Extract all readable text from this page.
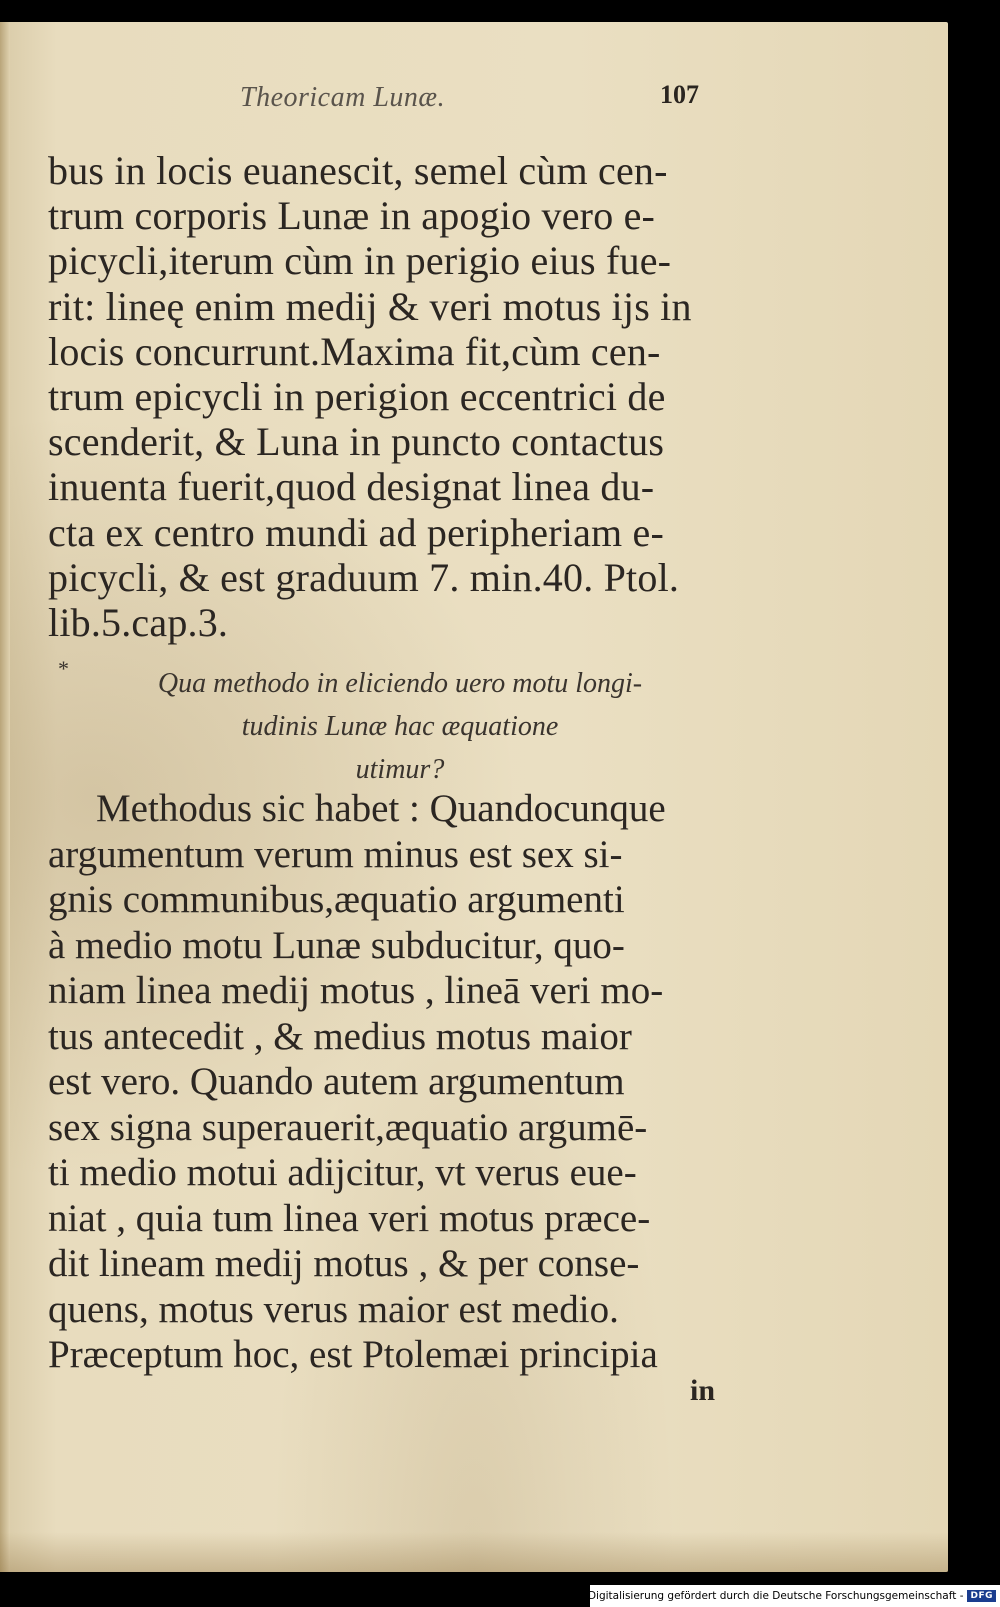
Theoricam Lunæ.	107
bus in locis euanescit, semel cùm cen-
trum corporis Lunæ in apogio vero e-
picycli,iterum cùm in perigio eius fue-
rit: lineę enim medij & veri motus ijs in
locis concurrunt.Maxima fit,cùm cen-
trum epicycli in perigion eccentrici de
scenderit, & Luna in puncto contactus
inuenta fuerit,quod designat linea du-
cta ex centro mundi ad peripheriam e-
picycli, & est graduum 7. min.40. Ptol.
lib.5.cap.3.
*	Qua methodo in eliciendo uero motu longi-
tudinis Lunæ hac æquatione
utimur?
Methodus sic habet : Quandocunque
argumentum verum minus est sex si-
gnis communibus,æquatio argumenti
à medio motu Lunæ subducitur, quo-
niam linea medij motus , lineā veri mo-
tus antecedit , & medius motus maior
est vero. Quando autem argumentum
sex signa superauerit,æquatio argumē-
ti medio motui adijcitur, vt verus eue-
niat , quia tum linea veri motus præce-
dit lineam medij motus , & per conse-
quens, motus verus maior est medio.
Præceptum hoc, est Ptolemæi principia
in
Digitalisierung gefördert durch die Deutsche Forschungsgemeinschaft - DFG
